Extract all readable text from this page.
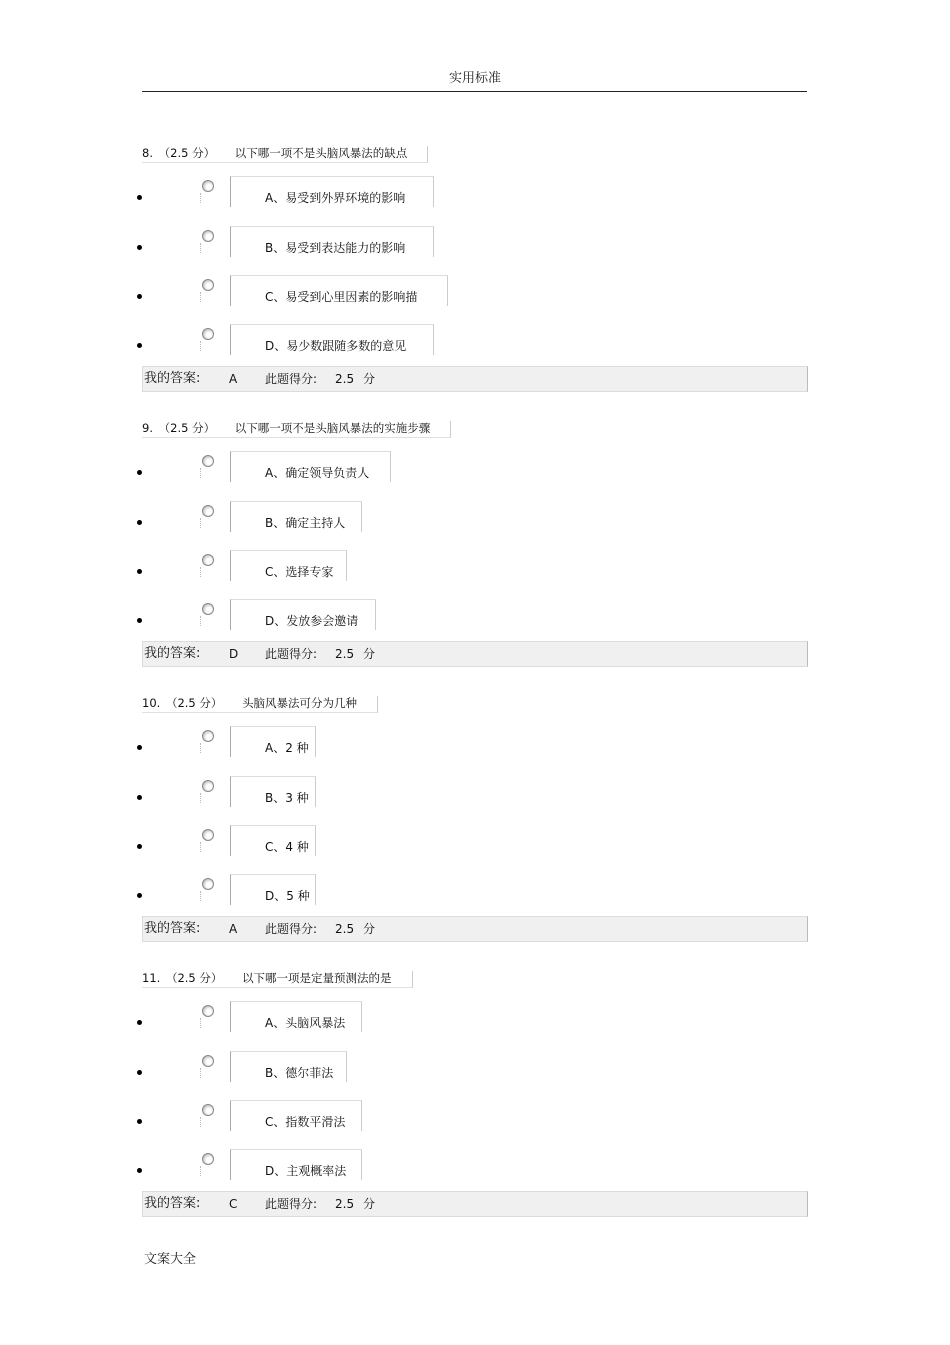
实用标准
8. （2.5 分） 以下哪一项不是头脑风暴法的缺点
A、易受到外界环境的影响
B、易受到表达能力的影响
C、易受到心里因素的影响描
D、易少数跟随多数的意见
我的答案: A 此题得分: 2.5 分
9. （2.5 分） 以下哪一项不是头脑风暴法的实施步骤
A、确定领导负责人
B、确定主持人
C、选择专家
D、发放参会邀请
我的答案: D 此题得分: 2.5 分
10. （2.5 分） 头脑风暴法可分为几种
A、2 种
B、3 种
C、4 种
D、5 种
我的答案: A 此题得分: 2.5 分
11. （2.5 分） 以下哪一项是定量预测法的是
A、头脑风暴法
B、德尔菲法
C、指数平滑法
D、主观概率法
我的答案: C 此题得分: 2.5 分
文案大全
